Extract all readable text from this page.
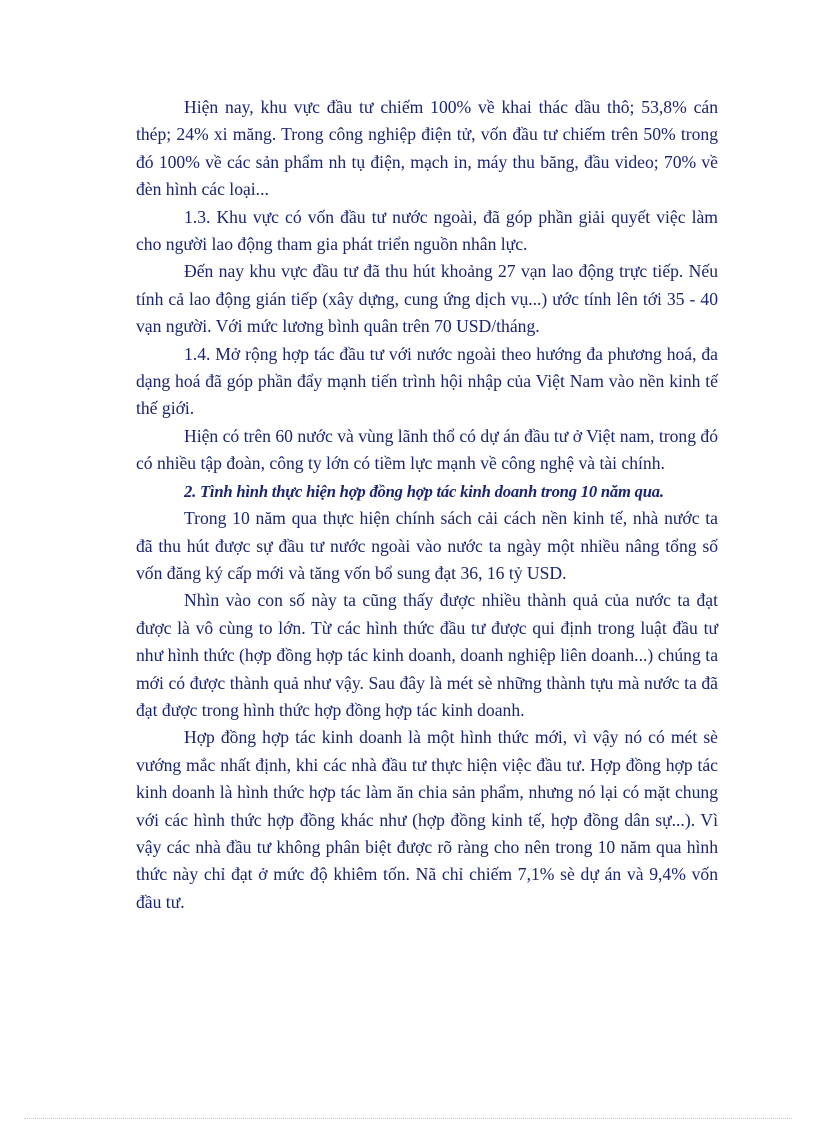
Hiện nay, khu vực đầu tư chiếm 100% về khai thác dầu thô; 53,8% cán thép; 24% xi măng. Trong công nghiệp điện tử, vốn đầu tư chiếm trên 50% trong đó 100% về các sản phẩm nh tụ điện, mạch in, máy thu băng, đầu video; 70% về đèn hình các loại...

1.3. Khu vực có vốn đầu tư nước ngoài, đã góp phần giải quyết việc làm cho người lao động tham gia phát triển nguồn nhân lực.

Đến nay khu vực đầu tư đã thu hút khoảng 27 vạn lao động trực tiếp. Nếu tính cả lao động gián tiếp (xây dựng, cung ứng dịch vụ...) ước tính lên tới 35 - 40 vạn người. Với mức lương bình quân trên 70 USD/tháng.

1.4. Mở rộng hợp tác đầu tư với nước ngoài theo hướng đa phương hoá, đa dạng hoá đã góp phần đẩy mạnh tiến trình hội nhập của Việt Nam vào nền kinh tế thế giới.

Hiện có trên 60 nước và vùng lãnh thổ có dự án đầu tư ở Việt nam, trong đó có nhiều tập đoàn, công ty lớn có tiềm lực mạnh về công nghệ và tài chính.

2. Tình hình thực hiện hợp đồng hợp tác kinh doanh trong 10 năm qua.

Trong 10 năm qua thực hiện chính sách cải cách nền kinh tế, nhà nước ta đã thu hút được sự đầu tư nước ngoài vào nước ta ngày một nhiều nâng tổng số vốn đăng ký cấp mới và tăng vốn bổ sung đạt 36, 16 tỷ USD.

Nhìn vào con số này ta cũng thấy được nhiều thành quả của nước ta đạt được là vô cùng to lớn. Từ các hình thức đầu tư được qui định trong luật đầu tư như hình thức (hợp đồng hợp tác kinh doanh, doanh nghiệp liên doanh...) chúng ta mới có được thành quả như vậy. Sau đây là mét sè những thành tựu mà nước ta đã đạt được trong hình thức hợp đồng hợp tác kinh doanh.

Hợp đồng hợp tác kinh doanh là một hình thức mới, vì vậy nó có mét sè vướng mắc nhất định, khi các nhà đầu tư thực hiện việc đầu tư. Hợp đồng hợp tác kinh doanh là hình thức hợp tác làm ăn chia sản phẩm, nhưng nó lại có mặt chung với các hình thức hợp đồng khác như (hợp đồng kinh tế, hợp đồng dân sự...). Vì vậy các nhà đầu tư không phân biệt được rõ ràng cho nên trong 10 năm qua hình thức này chỉ đạt ở mức độ khiêm tốn. Nã chỉ chiếm 7,1% sè dự án và 9,4% vốn đầu tư.
